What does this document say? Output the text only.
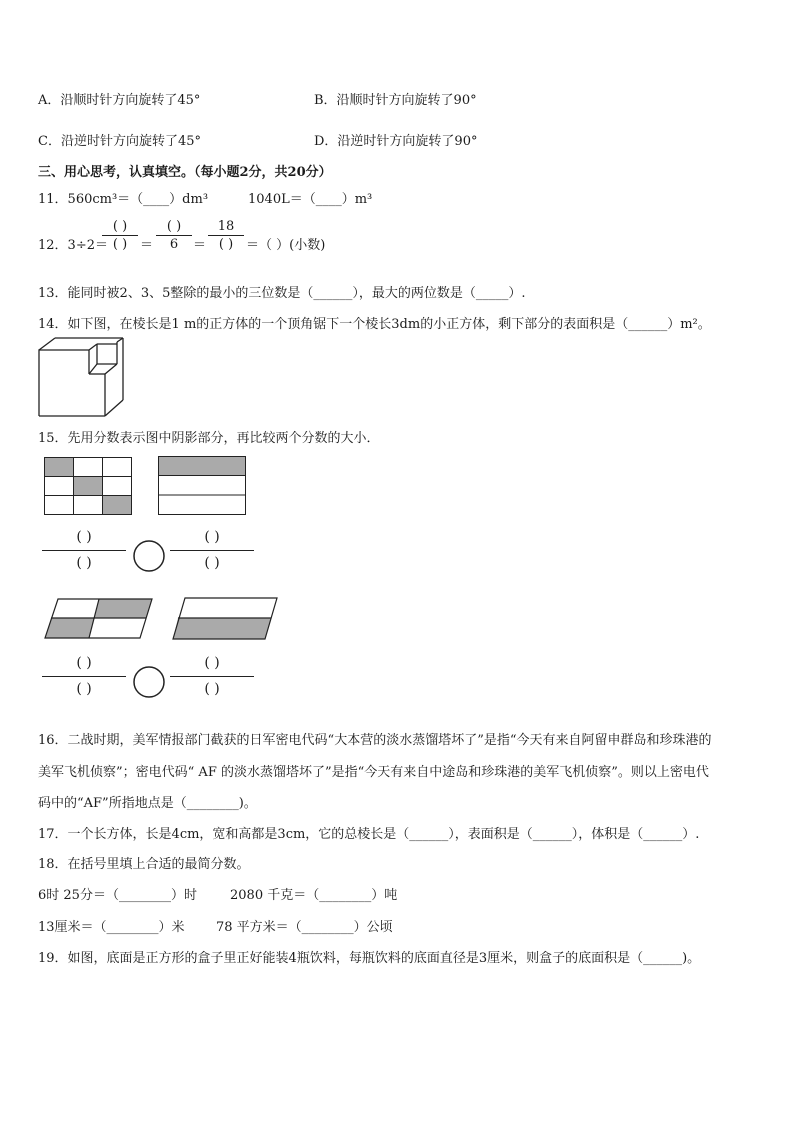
A．沿顺时针方向旋转了45°	B．沿顺时针方向旋转了90°
C．沿逆时针方向旋转了45°	D．沿逆时针方向旋转了90°
三、用心思考，认真填空。（每小题2分，共20分）
11．560cm³＝（____）dm³	1040L＝（____）m³
12．3÷2＝
( )
( ) ＝
( )
6	＝
18
( ) ＝（ ）(小数)
13．能同时被2、3、5整除的最小的三位数是（______），最大的两位数是（_____）.
14．如下图，在棱长是1 m的正方体的一个顶角锯下一个棱长3dm的小正方体，剩下部分的表面积是（______）m²。
15．先用分数表示图中阴影部分，再比较两个分数的大小．
( )
( )
( )
( )
( )
( )
( )
( )
16．二战时期，美军情报部门截获的日军密电代码“大本营的淡水蒸馏塔坏了”是指“今天有来自阿留申群岛和珍珠港的
美军飞机侦察”；密电代码“ AF 的淡水蒸馏塔坏了”是指“今天有来自中途岛和珍珠港的美军飞机侦察”。则以上密电代
码中的“AF”所指地点是（________)。
17．一个长方体，长是4cm，宽和高都是3cm，它的总棱长是（______），表面积是（______），体积是（______）.
18．在括号里填上合适的最简分数。
6时 25分＝（________）时	2080 千克＝（________）吨
13厘米＝（________）米 78 平方米＝（________）公顷
19．如图，底面是正方形的盒子里正好能装4瓶饮料，每瓶饮料的底面直径是3厘米，则盒子的底面积是（______)。
